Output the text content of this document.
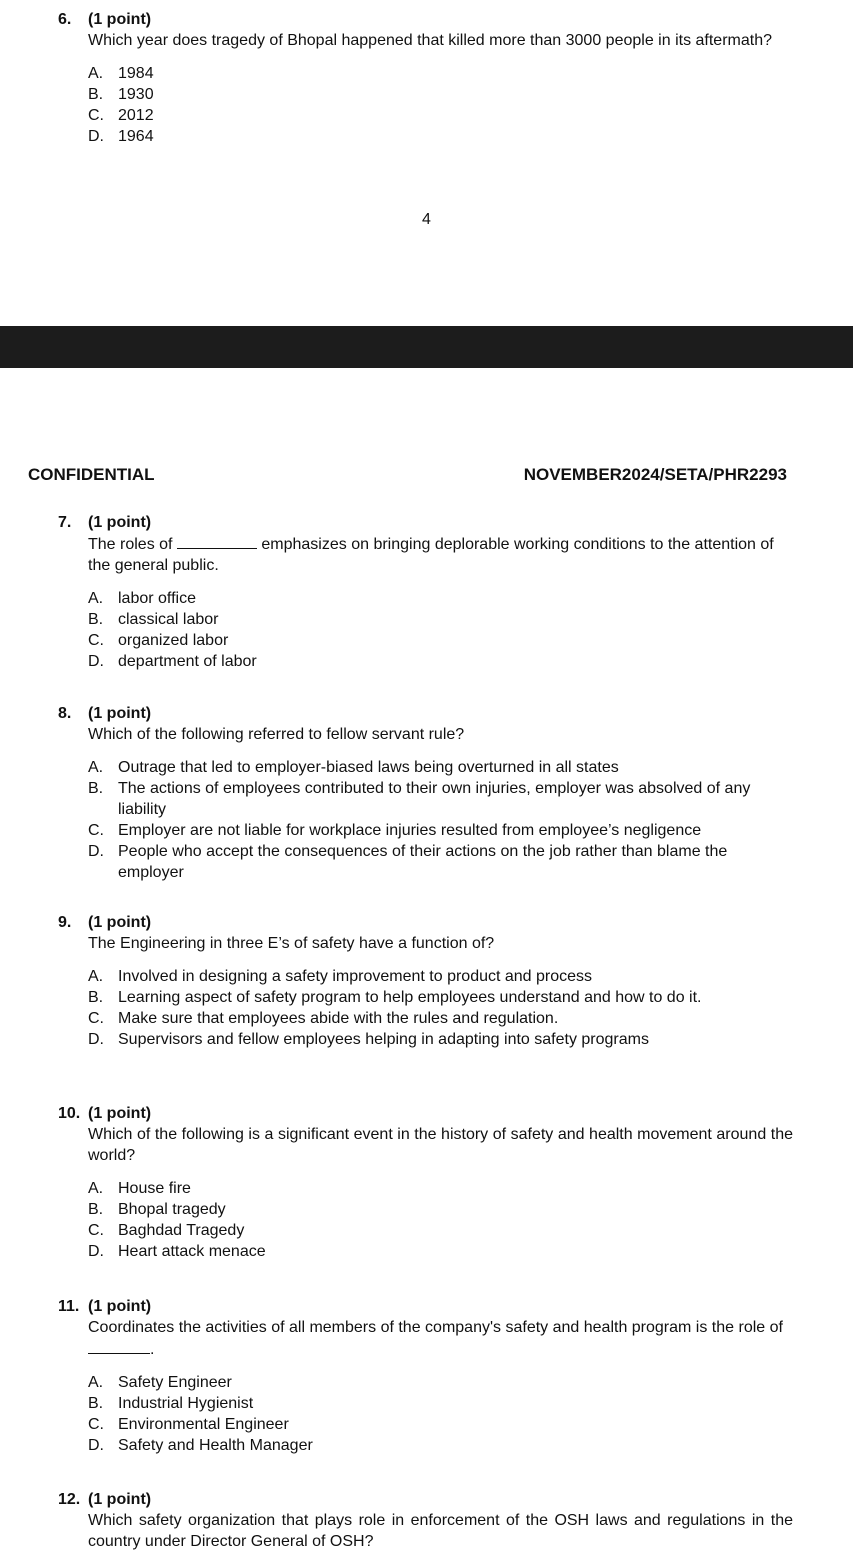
6. (1 point)
Which year does tragedy of Bhopal happened that killed more than 3000 people in its aftermath?
A. 1984
B. 1930
C. 2012
D. 1964
4
CONFIDENTIAL	NOVEMBER2024/SETA/PHR2293
7. (1 point)
The roles of	emphasizes on bringing deplorable working conditions to the attention of the general public.
A. labor office
B. classical labor
C. organized labor
D. department of labor
8. (1 point)
Which of the following referred to fellow servant rule?
A. Outrage that led to employer-biased laws being overturned in all states
B. The actions of employees contributed to their own injuries, employer was absolved of any liability
C. Employer are not liable for workplace injuries resulted from employee’s negligence
D. People who accept the consequences of their actions on the job rather than blame the employer
9. (1 point)
The Engineering in three E’s of safety have a function of?
A. Involved in designing a safety improvement to product and process
B. Learning aspect of safety program to help employees understand and how to do it.
C. Make sure that employees abide with the rules and regulation.
D. Supervisors and fellow employees helping in adapting into safety programs
10. (1 point)
Which of the following is a significant event in the history of safety and health movement around the world?
A. House fire
B. Bhopal tragedy
C. Baghdad Tragedy
D. Heart attack menace
11. (1 point)
Coordinates the activities of all members of the company's safety and health program is the role of.
A. Safety Engineer
B. Industrial Hygienist
C. Environmental Engineer
D. Safety and Health Manager
12. (1 point)
Which safety organization that plays role in enforcement of the OSH laws and regulations in the country under Director General of OSH?
